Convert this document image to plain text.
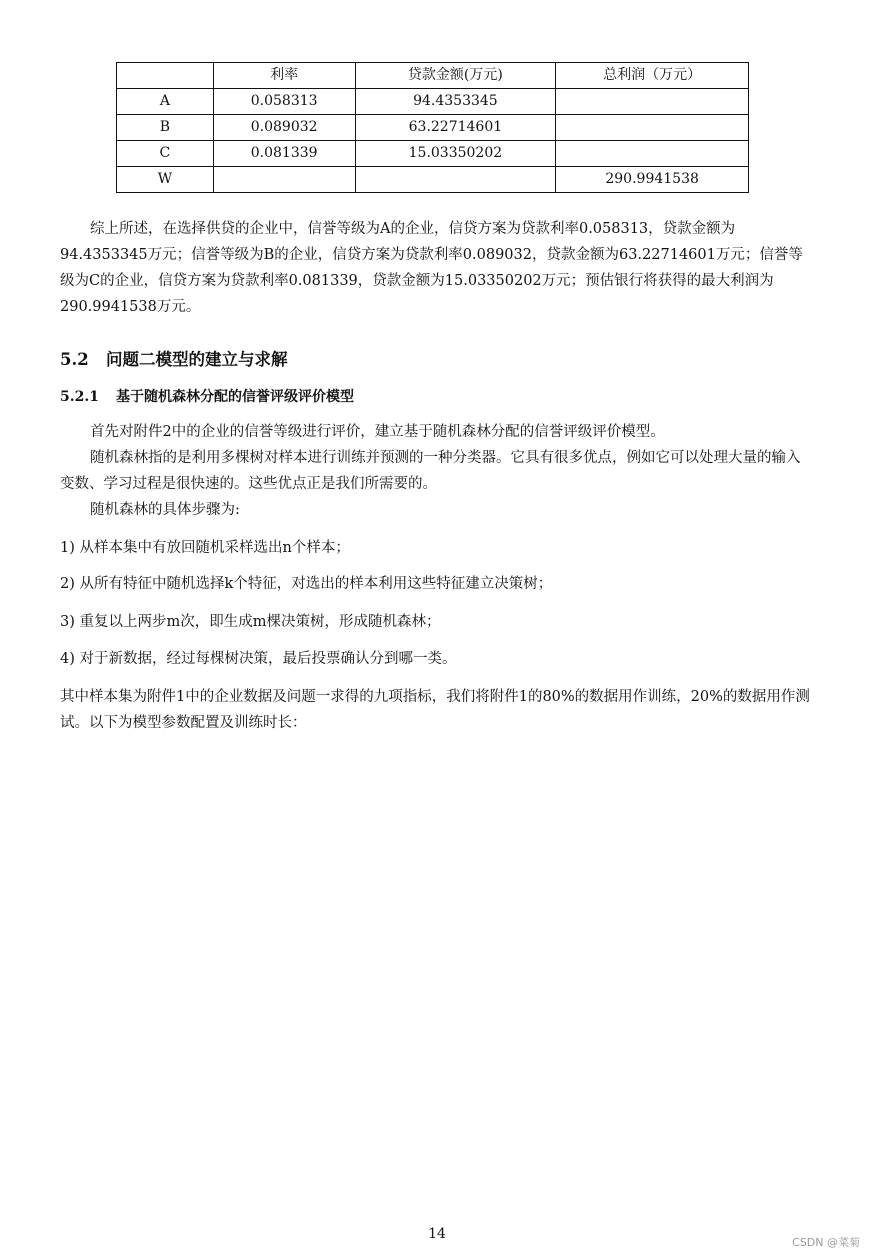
	利率	贷款金额(万元)	总利润（万元）
A	0.058313	94.4353345	
B	0.089032	63.22714601	
C	0.081339	15.03350202	
W			290.9941538

综上所述，在选择供贷的企业中，信誉等级为A的企业，信贷方案为贷款利率0.058313，贷款金额为94.4353345万元；信誉等级为B的企业，信贷方案为贷款利率0.089032，贷款金额为63.22714601万元；信誉等级为C的企业，信贷方案为贷款利率0.081339，贷款金额为15.03350202万元；预估银行将获得的最大利润为290.9941538万元。

5.2 问题二模型的建立与求解
5.2.1 基于随机森林分配的信誉评级评价模型

首先对附件2中的企业的信誉等级进行评价，建立基于随机森林分配的信誉评级评价模型。

随机森林指的是利用多棵树对样本进行训练并预测的一种分类器。它具有很多优点，例如它可以处理大量的输入变数、学习过程是很快速的。这些优点正是我们所需要的。

随机森林的具体步骤为:

1) 从样本集中有放回随机采样选出n个样本；

2) 从所有特征中随机选择k个特征，对选出的样本利用这些特征建立决策树；

3) 重复以上两步m次，即生成m棵决策树，形成随机森林；

4) 对于新数据，经过每棵树决策，最后投票确认分到哪一类。

其中样本集为附件1中的企业数据及问题一求得的九项指标，我们将附件1的80%的数据用作训练，20%的数据用作测试。以下为模型参数配置及训练时长：

14
CSDN @菜菊
